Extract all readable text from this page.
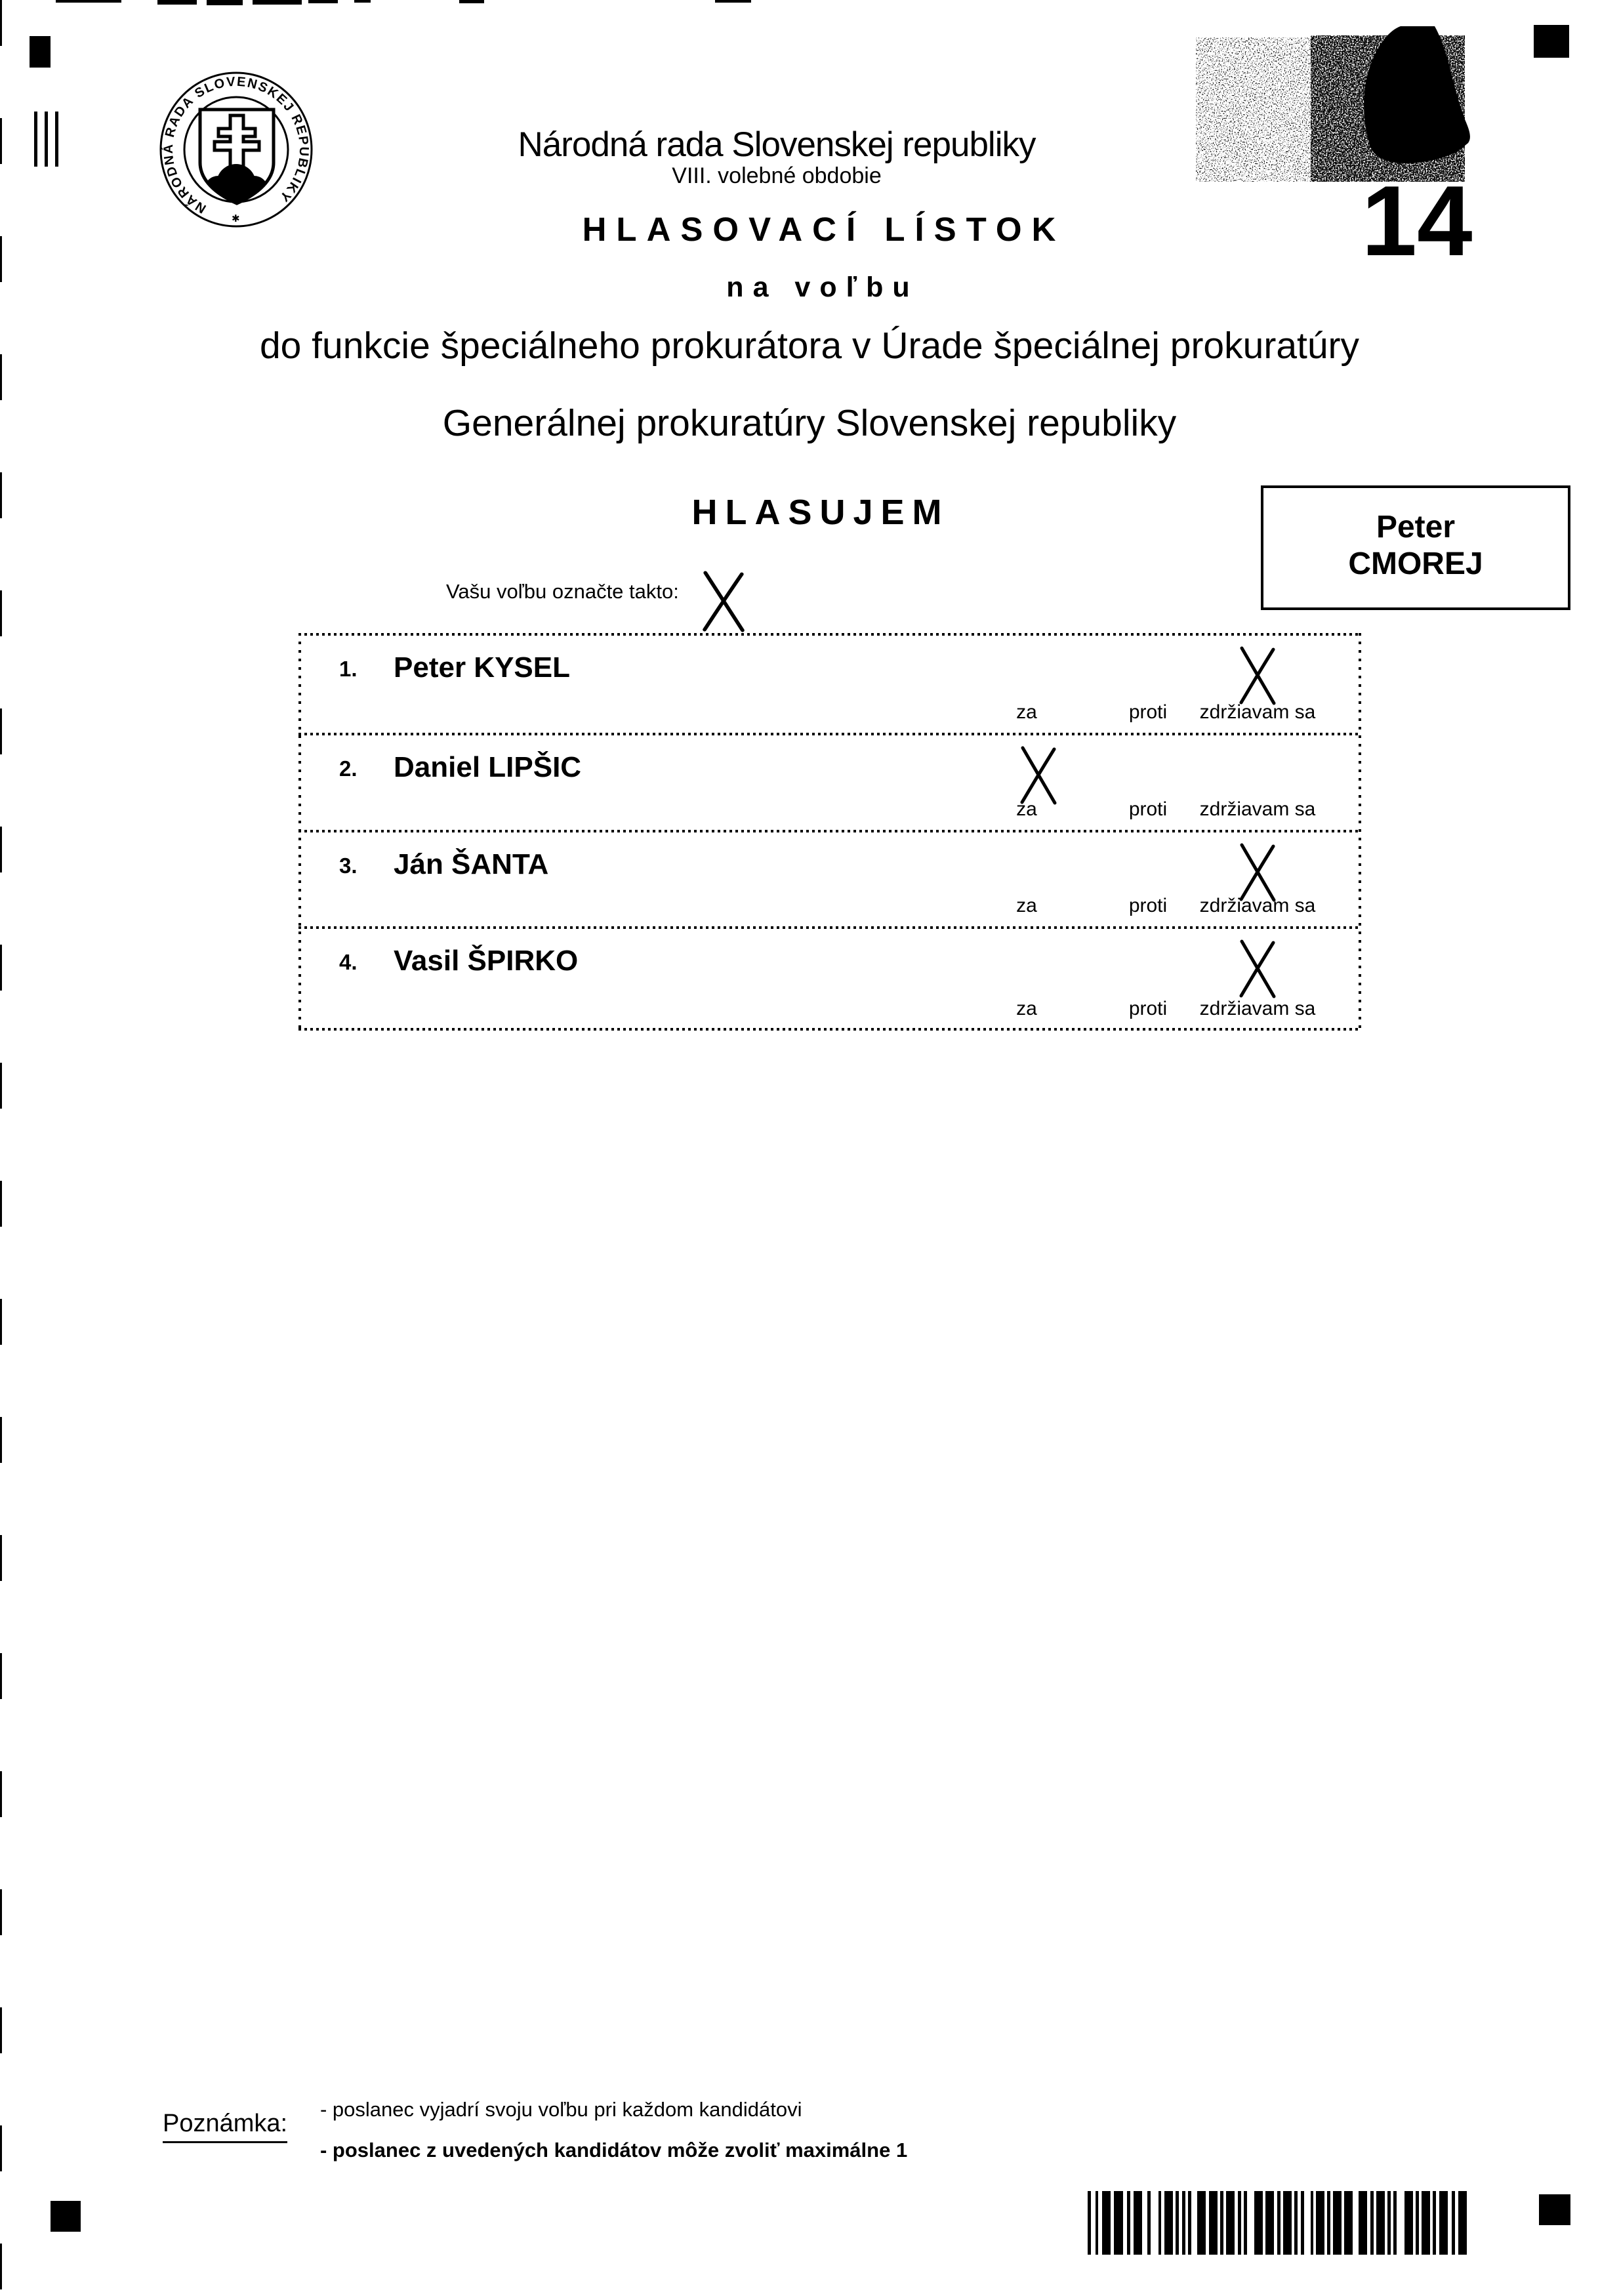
NÁRODNÁ RADA SLOVENSKEJ REPUBLIKY
✱	14
Národná rada Slovenskej republiky
VIII. volebné obdobie
HLASOVACÍ LÍSTOK
na voľbu
do funkcie špeciálneho prokurátora v Úrade špeciálnej prokuratúry
Generálnej prokuratúry Slovenskej republiky
HLASUJEM	Peter
CMOREJ
Vašu voľbu označte takto:
1. Peter KYSEL
za	proti	zdržiavam sa
2. Daniel LIPŠIC
za	proti	zdržiavam sa
3. Ján ŠANTA
za	proti	zdržiavam sa
4. Vasil ŠPIRKO
za	proti	zdržiavam sa
Poznámka:
- poslanec vyjadrí svoju voľbu pri každom kandidátovi
- poslanec z uvedených kandidátov môže zvoliť maximálne 1
